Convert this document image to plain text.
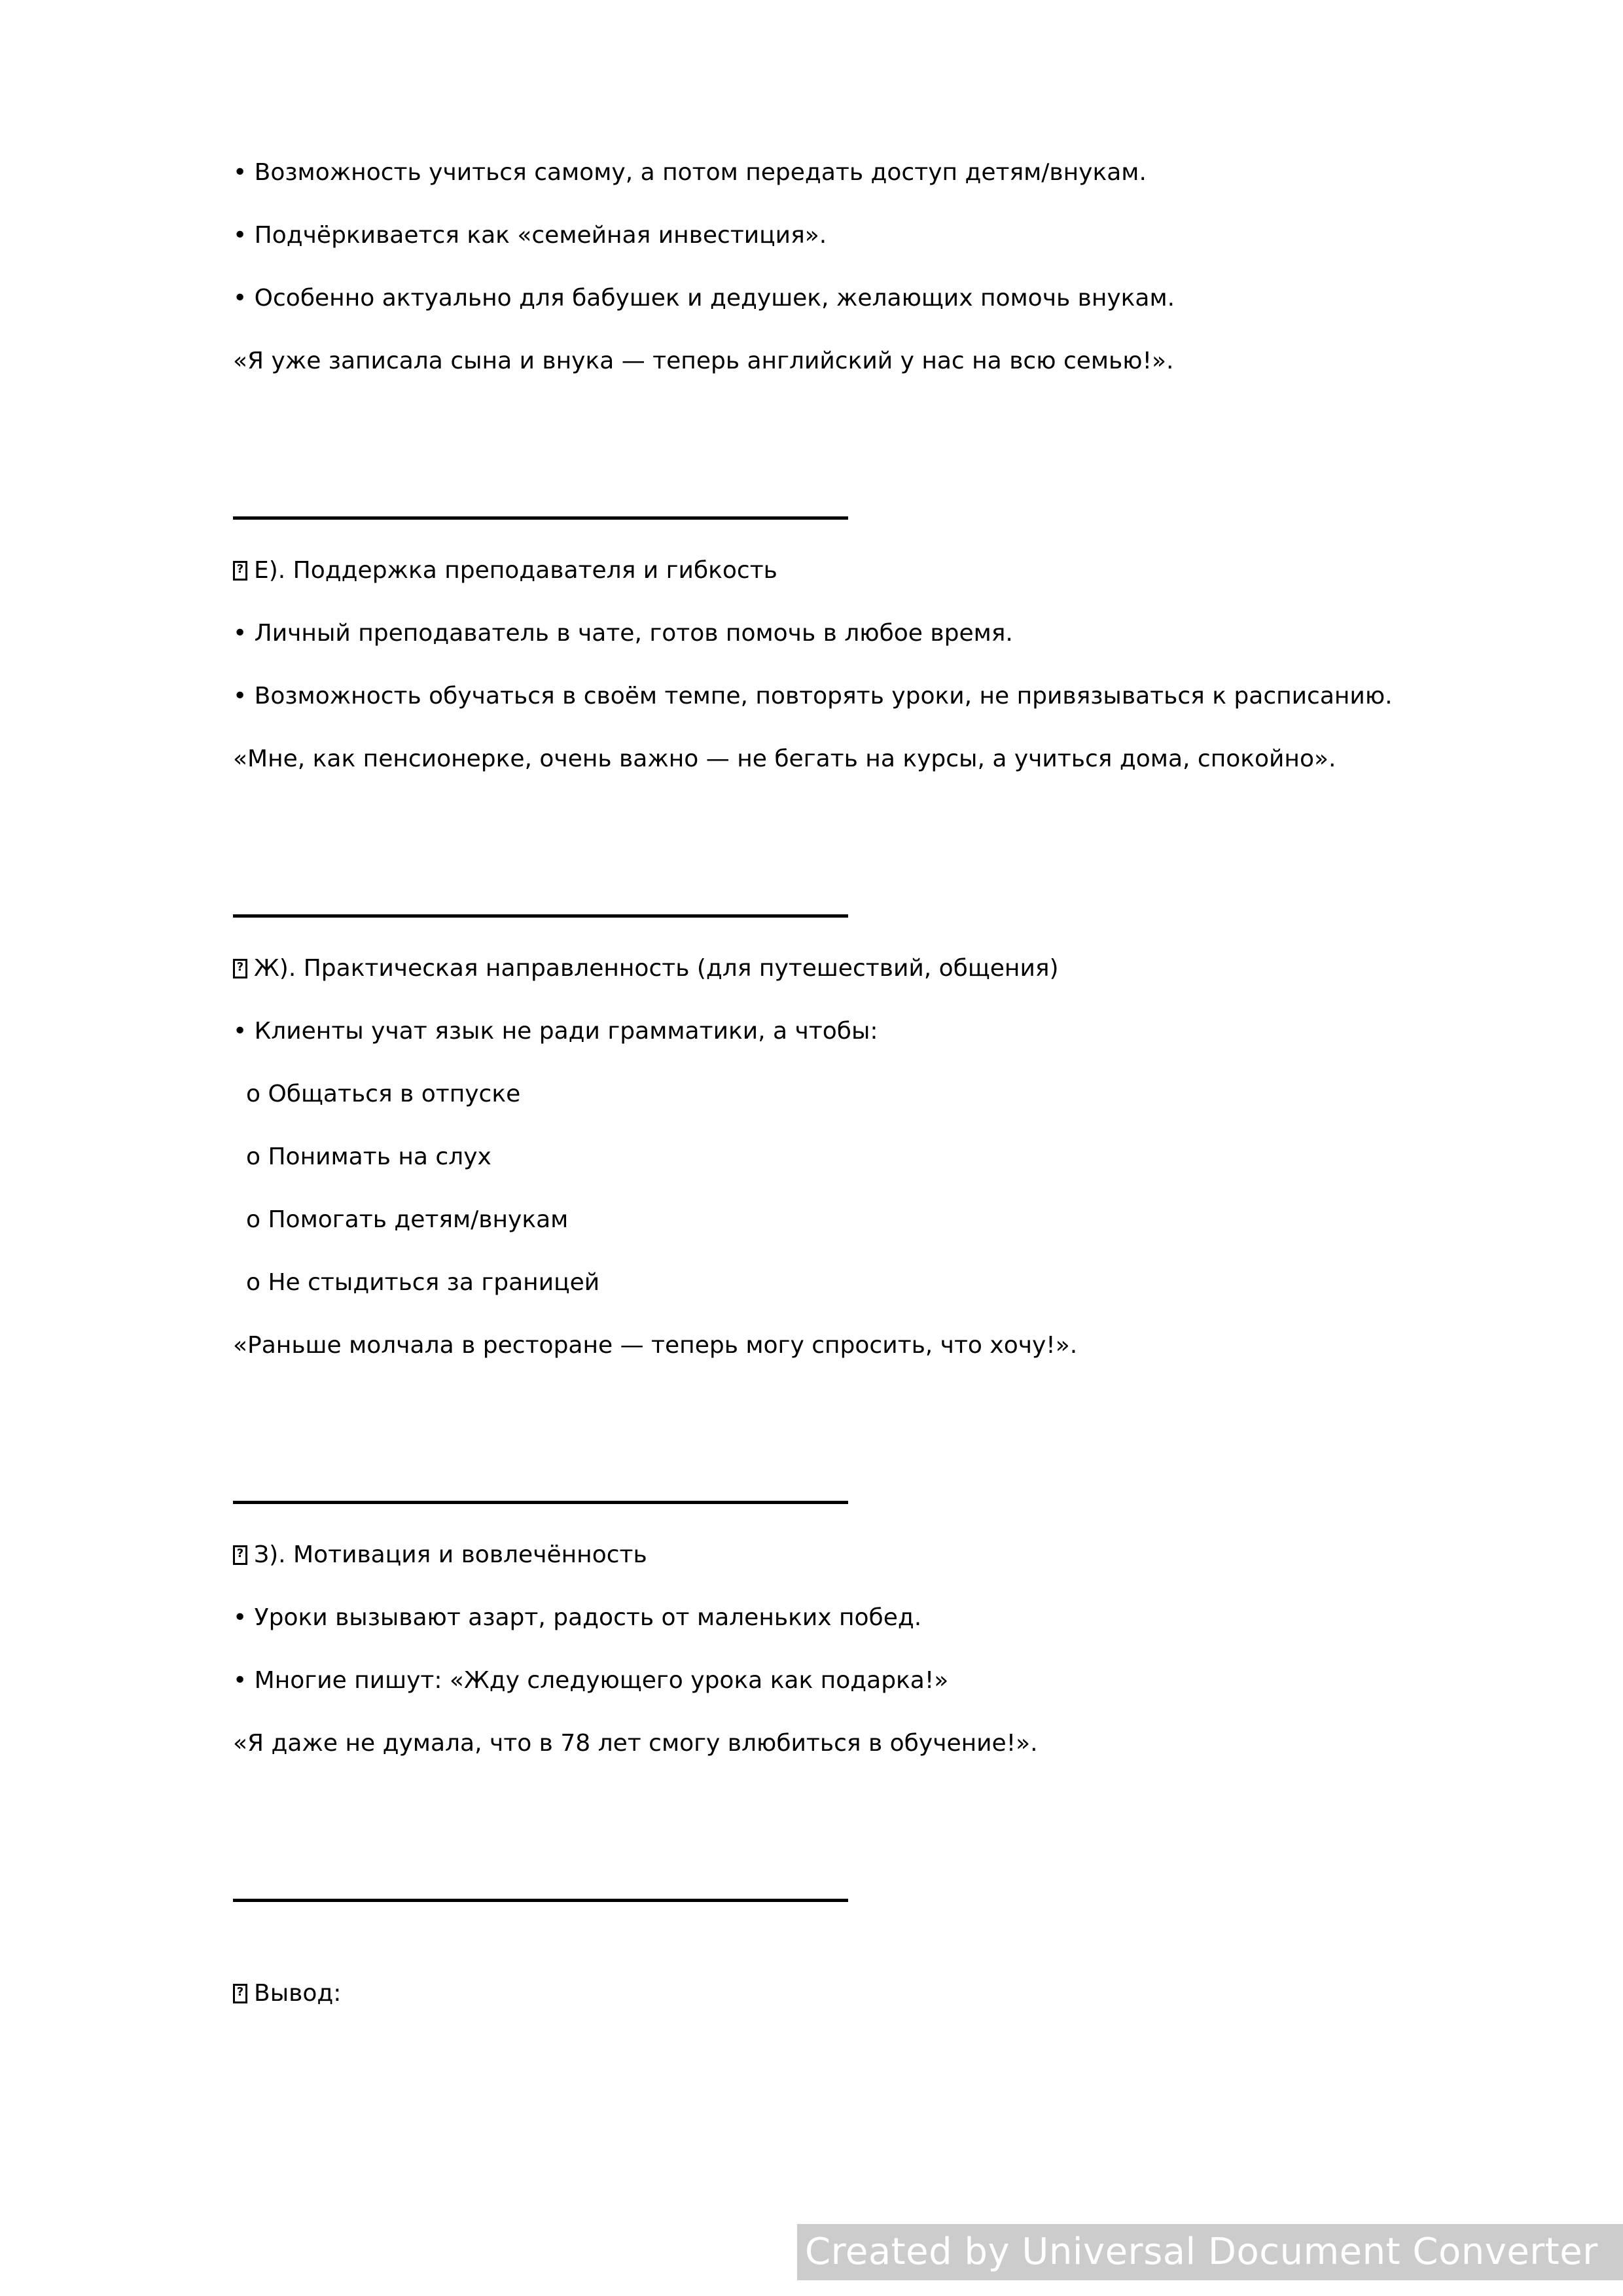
• Возможность учиться самому, а потом передать доступ детям/внукам.
• Подчёркивается как «семейная инвестиция».
• Особенно актуально для бабушек и дедушек, желающих помочь внукам.
«Я уже записала сына и внука — теперь английский у нас на всю семью!».
? Е). Поддержка преподавателя и гибкость
• Личный преподаватель в чате, готов помочь в любое время.
• Возможность обучаться в своём темпе, повторять уроки, не привязываться к расписанию.
«Мне, как пенсионерке, очень важно — не бегать на курсы, а учиться дома, спокойно».
? Ж). Практическая направленность (для путешествий, общения)
• Клиенты учат язык не ради грамматики, а чтобы:
o Общаться в отпуске
o Понимать на слух
o Помогать детям/внукам
o Не стыдиться за границей
«Раньше молчала в ресторане — теперь могу спросить, что хочу!».
? З). Мотивация и вовлечённость
• Уроки вызывают азарт, радость от маленьких побед.
• Многие пишут: «Жду следующего урока как подарка!»
«Я даже не думала, что в 78 лет смогу влюбиться в обучение!».
? Вывод:
Created by Universal Document Converter
